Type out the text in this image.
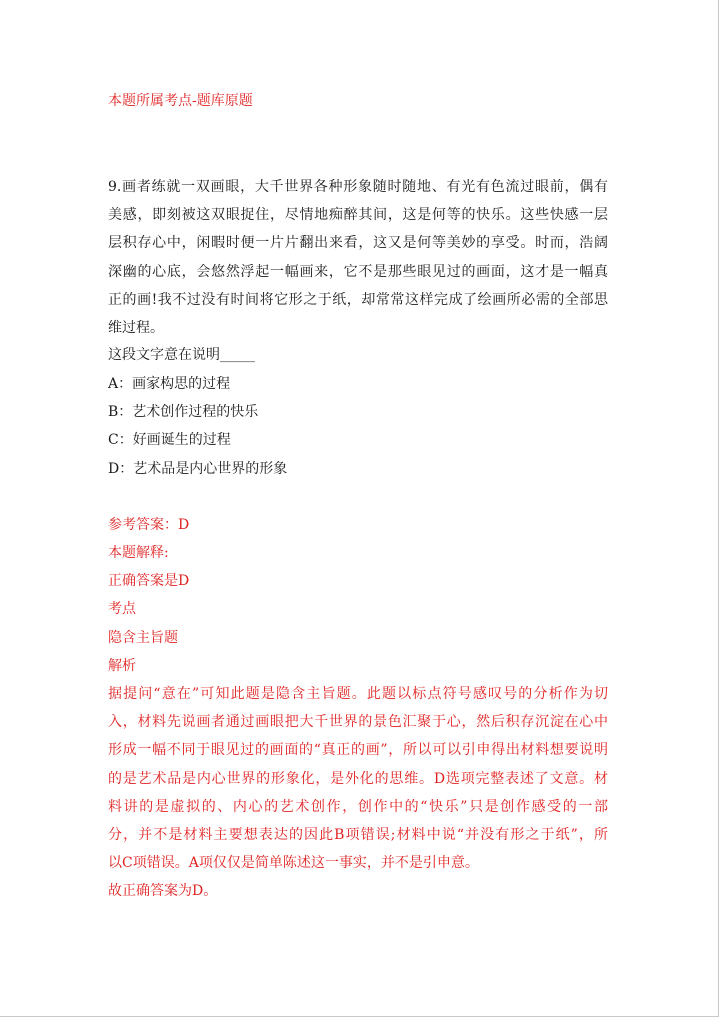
本题所属考点-题库原题
9.画者练就一双画眼，大千世界各种形象随时随地、有光有色流过眼前，偶有
美感，即刻被这双眼捉住，尽情地痴醉其间，这是何等的快乐。这些快感一层
层积存心中，闲暇时便一片片翻出来看，这又是何等美妙的享受。时而，浩阔
深幽的心底，会悠然浮起一幅画来，它不是那些眼见过的画面，这才是一幅真
正的画!我不过没有时间将它形之于纸，却常常这样完成了绘画所必需的全部思
维过程。
这段文字意在说明_____
A：画家构思的过程
B：艺术创作过程的快乐
C：好画诞生的过程
D：艺术品是内心世界的形象
参考答案：D
本题解释:
正确答案是D
考点
隐含主旨题
解析
据提问“意在”可知此题是隐含主旨题。此题以标点符号感叹号的分析作为切
入，材料先说画者通过画眼把大千世界的景色汇聚于心，然后积存沉淀在心中
形成一幅不同于眼见过的画面的“真正的画”，所以可以引申得出材料想要说明
的是艺术品是内心世界的形象化，是外化的思维。D选项完整表述了文意。材
料讲的是虚拟的、内心的艺术创作，创作中的“快乐”只是创作感受的一部
分，并不是材料主要想表达的因此B项错误;材料中说“并没有形之于纸”，所
以C项错误。A项仅仅是简单陈述这一事实，并不是引申意。
故正确答案为D。
